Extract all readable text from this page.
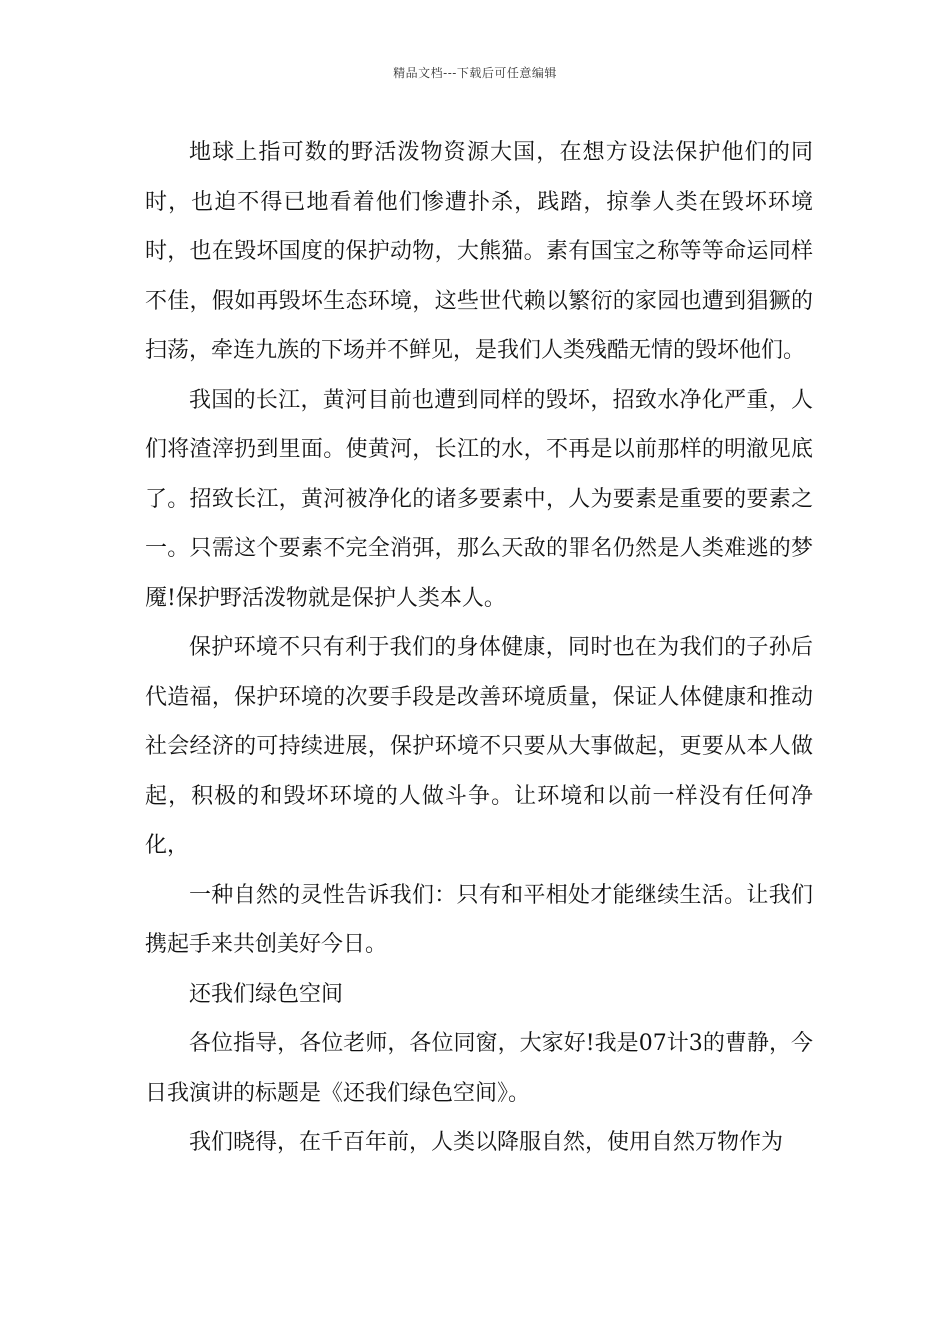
精品文档---下载后可任意编辑

地球上指可数的野活泼物资源大国，在想方设法保护他们的同时，也迫不得已地看着他们惨遭扑杀，践踏，掠拳人类在毁坏环境时，也在毁坏国度的保护动物，大熊猫。素有国宝之称等等命运同样不佳，假如再毁坏生态环境，这些世代赖以繁衍的家园也遭到猖獗的扫荡，牵连九族的下场并不鲜见，是我们人类残酷无情的毁坏他们。

我国的长江，黄河目前也遭到同样的毁坏，招致水净化严重，人们将渣滓扔到里面。使黄河，长江的水，不再是以前那样的明澈见底了。招致长江，黄河被净化的诸多要素中，人为要素是重要的要素之一。只需这个要素不完全消弭，那么天敌的罪名仍然是人类难逃的梦魇!保护野活泼物就是保护人类本人。

保护环境不只有利于我们的身体健康，同时也在为我们的子孙后代造福，保护环境的次要手段是改善环境质量，保证人体健康和推动社会经济的可持续进展，保护环境不只要从大事做起，更要从本人做起，积极的和毁坏环境的人做斗争。让环境和以前一样没有任何净化，

一种自然的灵性告诉我们：只有和平相处才能继续生活。让我们携起手来共创美好今日。

还我们绿色空间

各位指导，各位老师，各位同窗，大家好!我是07计3的曹静，今日我演讲的标题是《还我们绿色空间》。

我们晓得，在千百年前，人类以降服自然，使用自然万物作为
